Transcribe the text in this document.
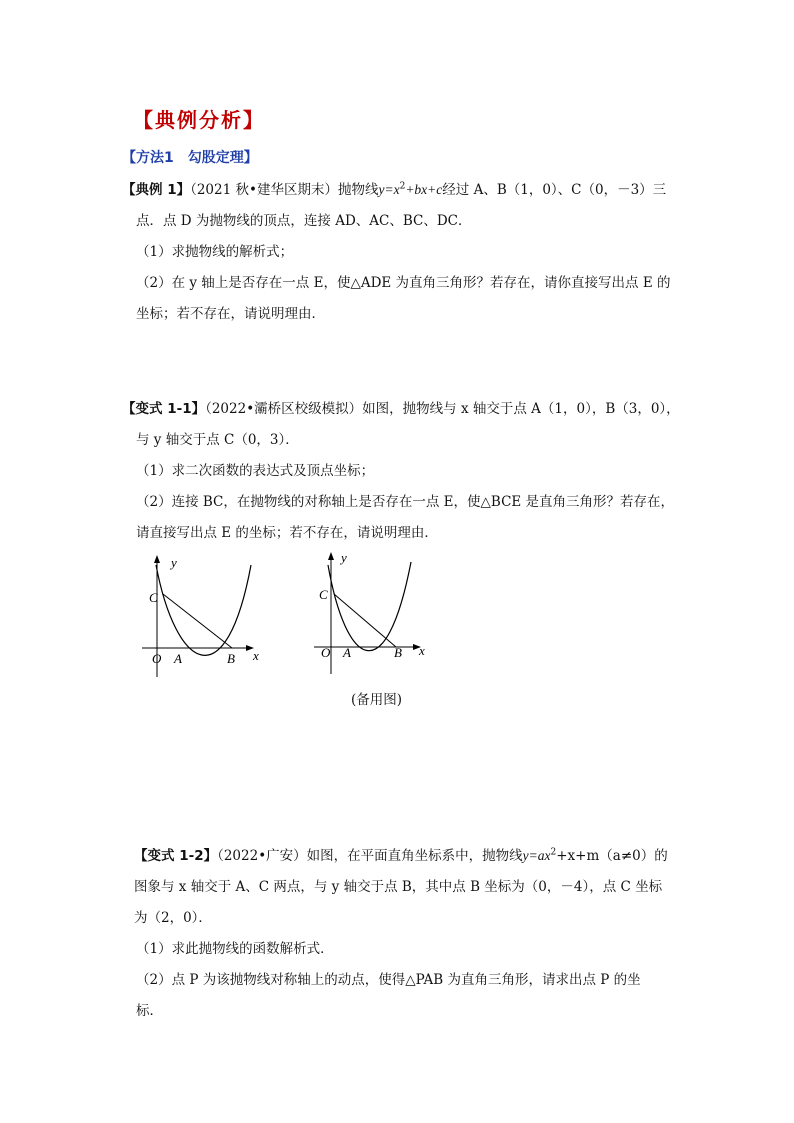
【典例分析】
【方法1　勾股定理】
【典例 1】（2021 秋•建华区期末）抛物线$y=x^2+bx+c$经过 A、B（1，0）、C（0，－3）三
点．点 D 为抛物线的顶点，连接 AD、AC、BC、DC．
（1）求抛物线的解析式；
（2）在 y 轴上是否存在一点 E，使△ADE 为直角三角形？若存在，请你直接写出点 E 的
坐标；若不存在，请说明理由．
【变式 1-1】（2022•灞桥区校级模拟）如图，抛物线与 x 轴交于点 A（1，0），B（3，0），
与 y 轴交于点 C（0，3）．
（1）求二次函数的表达式及顶点坐标；
（2）连接 BC，在抛物线的对称轴上是否存在一点 E，使△BCE 是直角三角形？若存在，
请直接写出点 E 的坐标；若不存在，请说明理由．
y
x
C
O A	B
y
x
C
O A	B
(备用图)
【变式 1-2】（2022•广安）如图，在平面直角坐标系中，抛物线$y=ax^2+x+m(a\ne 0)$的
图象与 x 轴交于 A、C 两点，与 y 轴交于点 B，其中点 B 坐标为（0，－4），点 C 坐标
为（2，0）．
（1）求此抛物线的函数解析式．
（2）点 P 为该抛物线对称轴上的动点，使得△PAB 为直角三角形，请求出点 P 的坐
标．
